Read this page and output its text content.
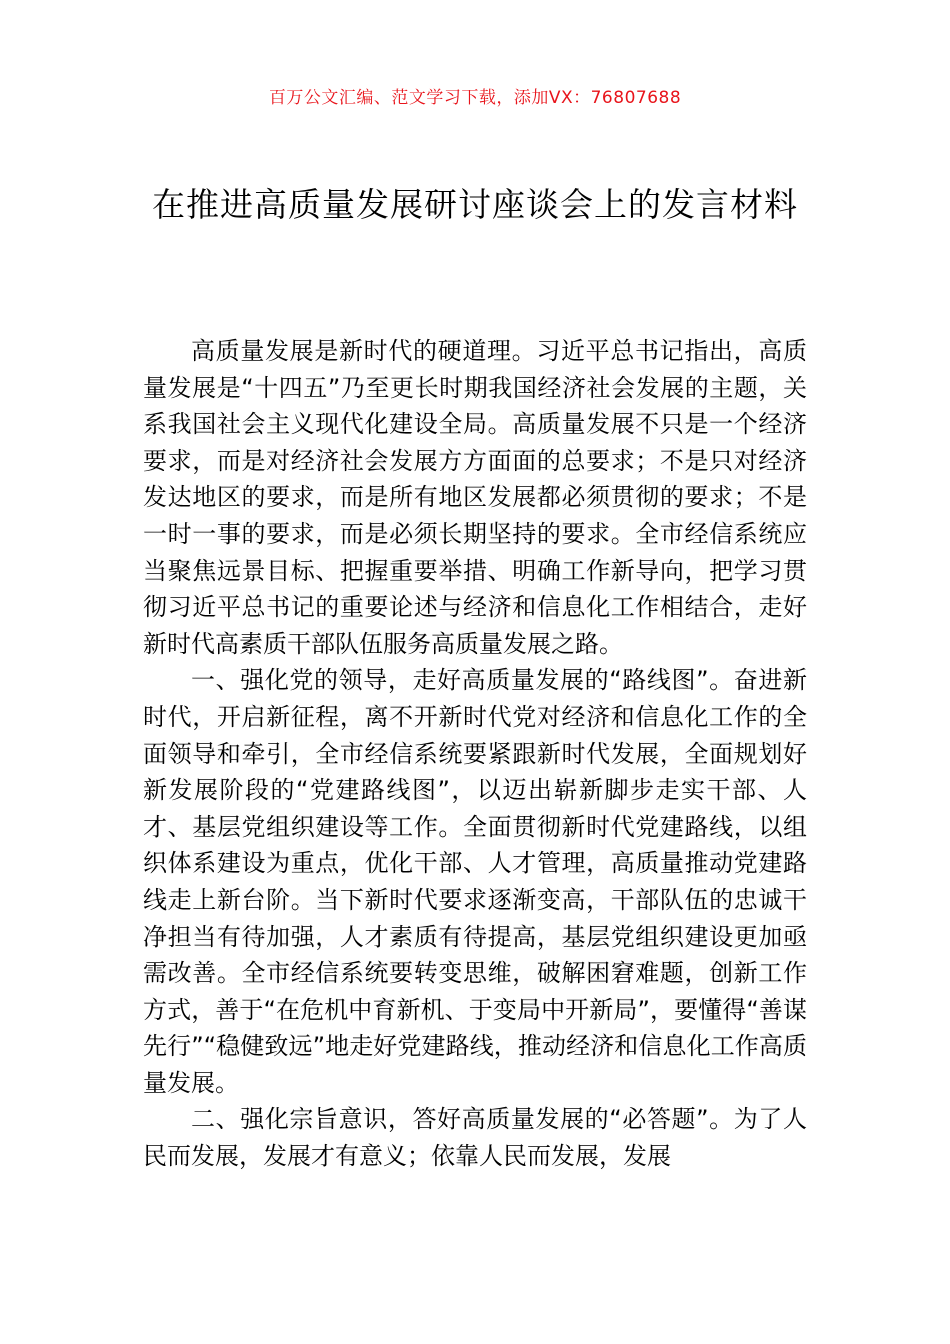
百万公文汇编、范文学习下载，添加VX：76807688
在推进高质量发展研讨座谈会上的发言材料

高质量发展是新时代的硬道理。习近平总书记指出，高质量发展是“十四五”乃至更长时期我国经济社会发展的主题，关系我国社会主义现代化建设全局。高质量发展不只是一个经济要求，而是对经济社会发展方方面面的总要求；不是只对经济发达地区的要求，而是所有地区发展都必须贯彻的要求；不是一时一事的要求，而是必须长期坚持的要求。全市经信系统应当聚焦远景目标、把握重要举措、明确工作新导向，把学习贯彻习近平总书记的重要论述与经济和信息化工作相结合，走好新时代高素质干部队伍服务高质量发展之路。

一、强化党的领导，走好高质量发展的“路线图”。奋进新时代，开启新征程，离不开新时代党对经济和信息化工作的全面领导和牵引，全市经信系统要紧跟新时代发展，全面规划好新发展阶段的“党建路线图”，以迈出崭新脚步走实干部、人才、基层党组织建设等工作。全面贯彻新时代党建路线，以组织体系建设为重点，优化干部、人才管理，高质量推动党建路线走上新台阶。当下新时代要求逐渐变高，干部队伍的忠诚干净担当有待加强，人才素质有待提高，基层党组织建设更加亟需改善。全市经信系统要转变思维，破解困窘难题，创新工作方式，善于“在危机中育新机、于变局中开新局”，要懂得“善谋先行”“稳健致远”地走好党建路线，推动经济和信息化工作高质量发展。

二、强化宗旨意识，答好高质量发展的“必答题”。为了人民而发展，发展才有意义；依靠人民而发展，发展
